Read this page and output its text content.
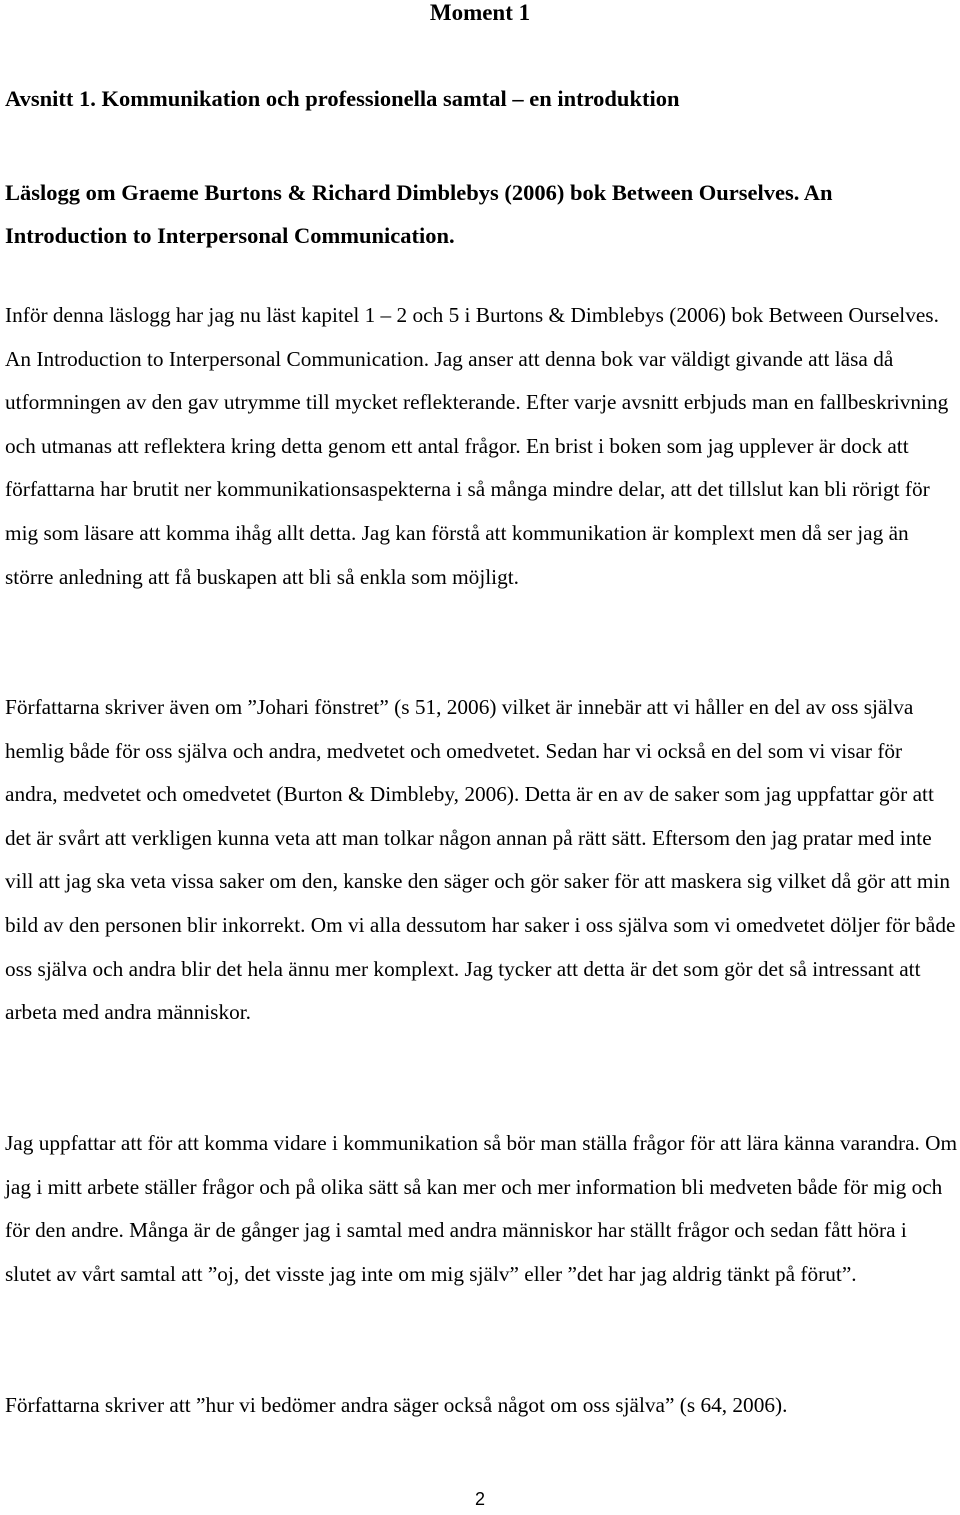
Moment 1
Avsnitt 1. Kommunikation och professionella samtal – en introduktion
Läslogg om Graeme Burtons & Richard Dimblebys (2006) bok Between Ourselves. An Introduction to Interpersonal Communication.

Inför denna läslogg har jag nu läst kapitel 1 – 2 och 5 i Burtons & Dimblebys (2006) bok Between Ourselves. An Introduction to Interpersonal Communication. Jag anser att denna bok var väldigt givande att läsa då utformningen av den gav utrymme till mycket reflekterande. Efter varje avsnitt erbjuds man en fallbeskrivning och utmanas att reflektera kring detta genom ett antal frågor. En brist i boken som jag upplever är dock att författarna har brutit ner kommunikationsaspekterna i så många mindre delar, att det tillslut kan bli rörigt för mig som läsare att komma ihåg allt detta. Jag kan förstå att kommunikation är komplext men då ser jag än större anledning att få buskapen att bli så enkla som möjligt.

Författarna skriver även om ”Johari fönstret” (s 51, 2006) vilket är innebär att vi håller en del av oss själva hemlig både för oss själva och andra, medvetet och omedvetet. Sedan har vi också en del som vi visar för andra, medvetet och omedvetet (Burton & Dimbleby, 2006). Detta är en av de saker som jag uppfattar gör att det är svårt att verkligen kunna veta att man tolkar någon annan på rätt sätt. Eftersom den jag pratar med inte vill att jag ska veta vissa saker om den, kanske den säger och gör saker för att maskera sig vilket då gör att min bild av den personen blir inkorrekt. Om vi alla dessutom har saker i oss själva som vi omedvetet döljer för både oss själva och andra blir det hela ännu mer komplext. Jag tycker att detta är det som gör det så intressant att arbeta med andra människor.

Jag uppfattar att för att komma vidare i kommunikation så bör man ställa frågor för att lära känna varandra. Om jag i mitt arbete ställer frågor och på olika sätt så kan mer och mer information bli medveten både för mig och för den andre. Många är de gånger jag i samtal med andra människor har ställt frågor och sedan fått höra i slutet av vårt samtal att ”oj, det visste jag inte om mig själv” eller ”det har jag aldrig tänkt på förut”.

Författarna skriver att ”hur vi bedömer andra säger också något om oss själva” (s 64, 2006).

2
